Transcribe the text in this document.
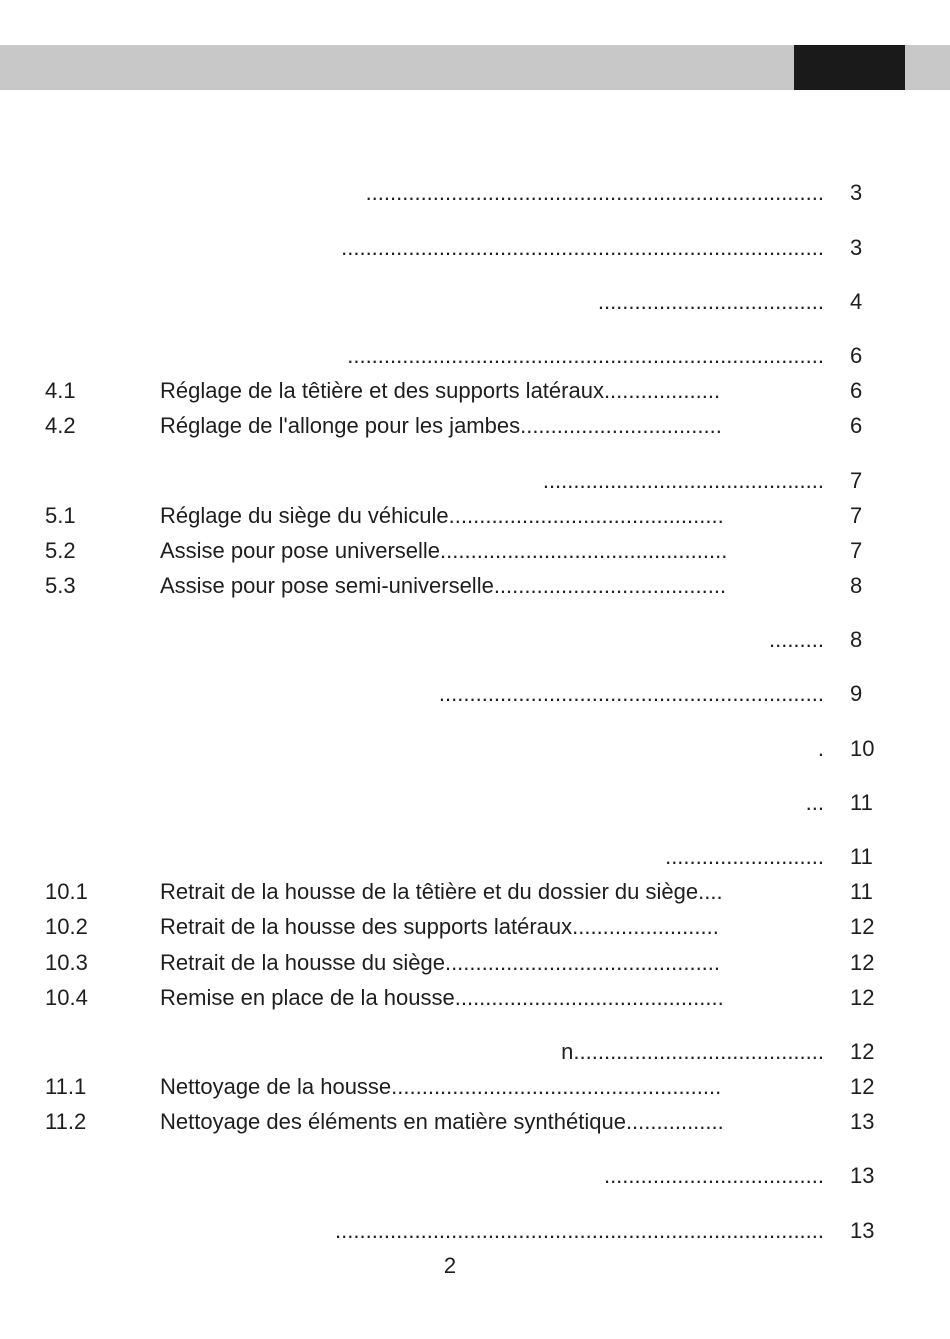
........................................................................... 3
............................................................................... 3
..................................... 4
.............................................................................. 6
4.1	Réglage de la têtière et des supports latéraux...................	6
4.2	Réglage de l'allonge pour les jambes.................................	6
.............................................. 7
5.1	Réglage du siège du véhicule.............................................	7
5.2	Assise pour pose universelle...............................................	7
5.3	Assise pour pose semi-universelle......................................	8
......... 8
............................................................... 9
. 10
... 11
.......................... 11
10.1	Retrait de la housse de la têtière et du dossier du siège....	11
10.2	Retrait de la housse des supports latéraux........................	12
10.3	Retrait de la housse du siège.............................................	12
10.4	Remise en place de la housse............................................	12
n......................................... 12
11.1	Nettoyage de la housse......................................................	12
11.2	Nettoyage des éléments en matière synthétique................	13
.................................... 13
................................................................................ 13
2
